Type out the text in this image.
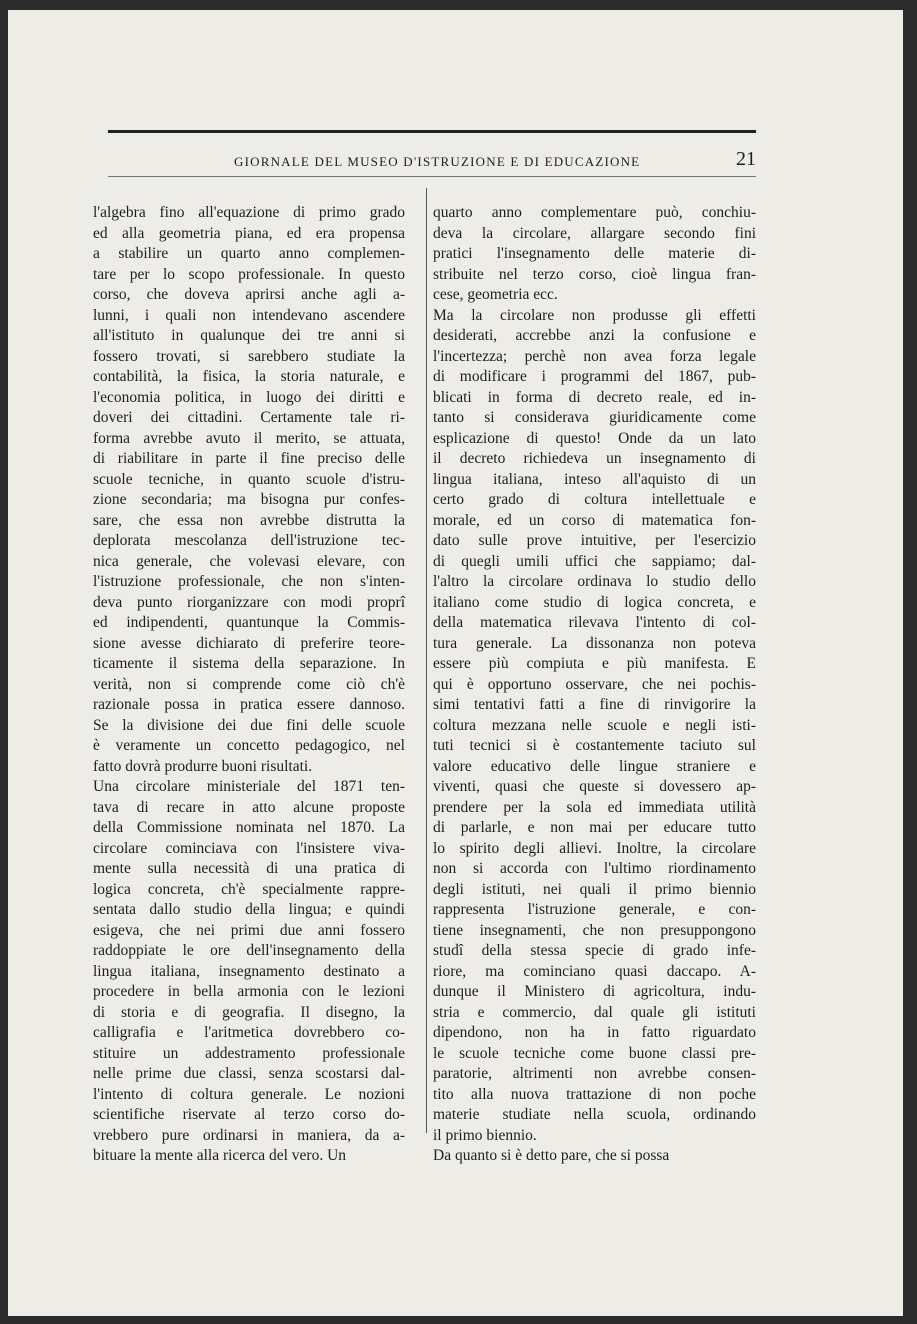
GIORNALE DEL MUSEO D'ISTRUZIONE E DI EDUCAZIONE	21
l'algebra fino all'equazione di primo grado
ed alla geometria piana, ed era propensa
a stabilire un quarto anno complemen-
tare per lo scopo professionale. In questo
corso, che doveva aprirsi anche agli a-
lunni, i quali non intendevano ascendere
all'istituto in qualunque dei tre anni si
fossero trovati, si sarebbero studiate la
contabilità, la fisica, la storia naturale, e
l'economia politica, in luogo dei diritti e
doveri dei cittadini. Certamente tale ri-
forma avrebbe avuto il merito, se attuata,
di riabilitare in parte il fine preciso delle
scuole tecniche, in quanto scuole d'istru-
zione secondaria; ma bisogna pur confes-
sare, che essa non avrebbe distrutta la
deplorata mescolanza dell'istruzione tec-
nica generale, che volevasi elevare, con
l'istruzione professionale, che non s'inten-
deva punto riorganizzare con modi proprî
ed indipendenti, quantunque la Commis-
sione avesse dichiarato di preferire teore-
ticamente il sistema della separazione. In
verità, non si comprende come ciò ch'è
razionale possa in pratica essere dannoso.
Se la divisione dei due fini delle scuole
è veramente un concetto pedagogico, nel
fatto dovrà produrre buoni risultati.
Una circolare ministeriale del 1871 ten-
tava di recare in atto alcune proposte
della Commissione nominata nel 1870. La
circolare cominciava con l'insistere viva-
mente sulla necessità di una pratica di
logica concreta, ch'è specialmente rappre-
sentata dallo studio della lingua; e quindi
esigeva, che nei primi due anni fossero
raddoppiate le ore dell'insegnamento della
lingua italiana, insegnamento destinato a
procedere in bella armonia con le lezioni
di storia e di geografia. Il disegno, la
calligrafia e l'aritmetica dovrebbero co-
stituire un addestramento professionale
nelle prime due classi, senza scostarsi dal-
l'intento di coltura generale. Le nozioni
scientifiche riservate al terzo corso do-
vrebbero pure ordinarsi in maniera, da a-
bituare la mente alla ricerca del vero. Un
quarto anno complementare può, conchiu-
deva la circolare, allargare secondo fini
pratici l'insegnamento delle materie di-
stribuite nel terzo corso, cioè lingua fran-
cese, geometria ecc.
Ma la circolare non produsse gli effetti
desiderati, accrebbe anzi la confusione e
l'incertezza; perchè non avea forza legale
di modificare i programmi del 1867, pub-
blicati in forma di decreto reale, ed in-
tanto si considerava giuridicamente come
esplicazione di questo! Onde da un lato
il decreto richiedeva un insegnamento di
lingua italiana, inteso all'aquisto di un
certo grado di coltura intellettuale e
morale, ed un corso di matematica fon-
dato sulle prove intuitive, per l'esercizio
di quegli umili uffici che sappiamo; dal-
l'altro la circolare ordinava lo studio dello
italiano come studio di logica concreta, e
della matematica rilevava l'intento di col-
tura generale. La dissonanza non poteva
essere più compiuta e più manifesta. E
qui è opportuno osservare, che nei pochis-
simi tentativi fatti a fine di rinvigorire la
coltura mezzana nelle scuole e negli isti-
tuti tecnici si è costantemente taciuto sul
valore educativo delle lingue straniere e
viventi, quasi che queste si dovessero ap-
prendere per la sola ed immediata utilità
di parlarle, e non mai per educare tutto
lo spirito degli allievi. Inoltre, la circolare
non si accorda con l'ultimo riordinamento
degli istituti, nei quali il primo biennio
rappresenta l'istruzione generale, e con-
tiene insegnamenti, che non presuppongono
studî della stessa specie di grado infe-
riore, ma cominciano quasi daccapo. A-
dunque il Ministero di agricoltura, indu-
stria e commercio, dal quale gli istituti
dipendono, non ha in fatto riguardato
le scuole tecniche come buone classi pre-
paratorie, altrimenti non avrebbe consen-
tito alla nuova trattazione di non poche
materie studiate nella scuola, ordinando
il primo biennio.
Da quanto si è detto pare, che si possa
